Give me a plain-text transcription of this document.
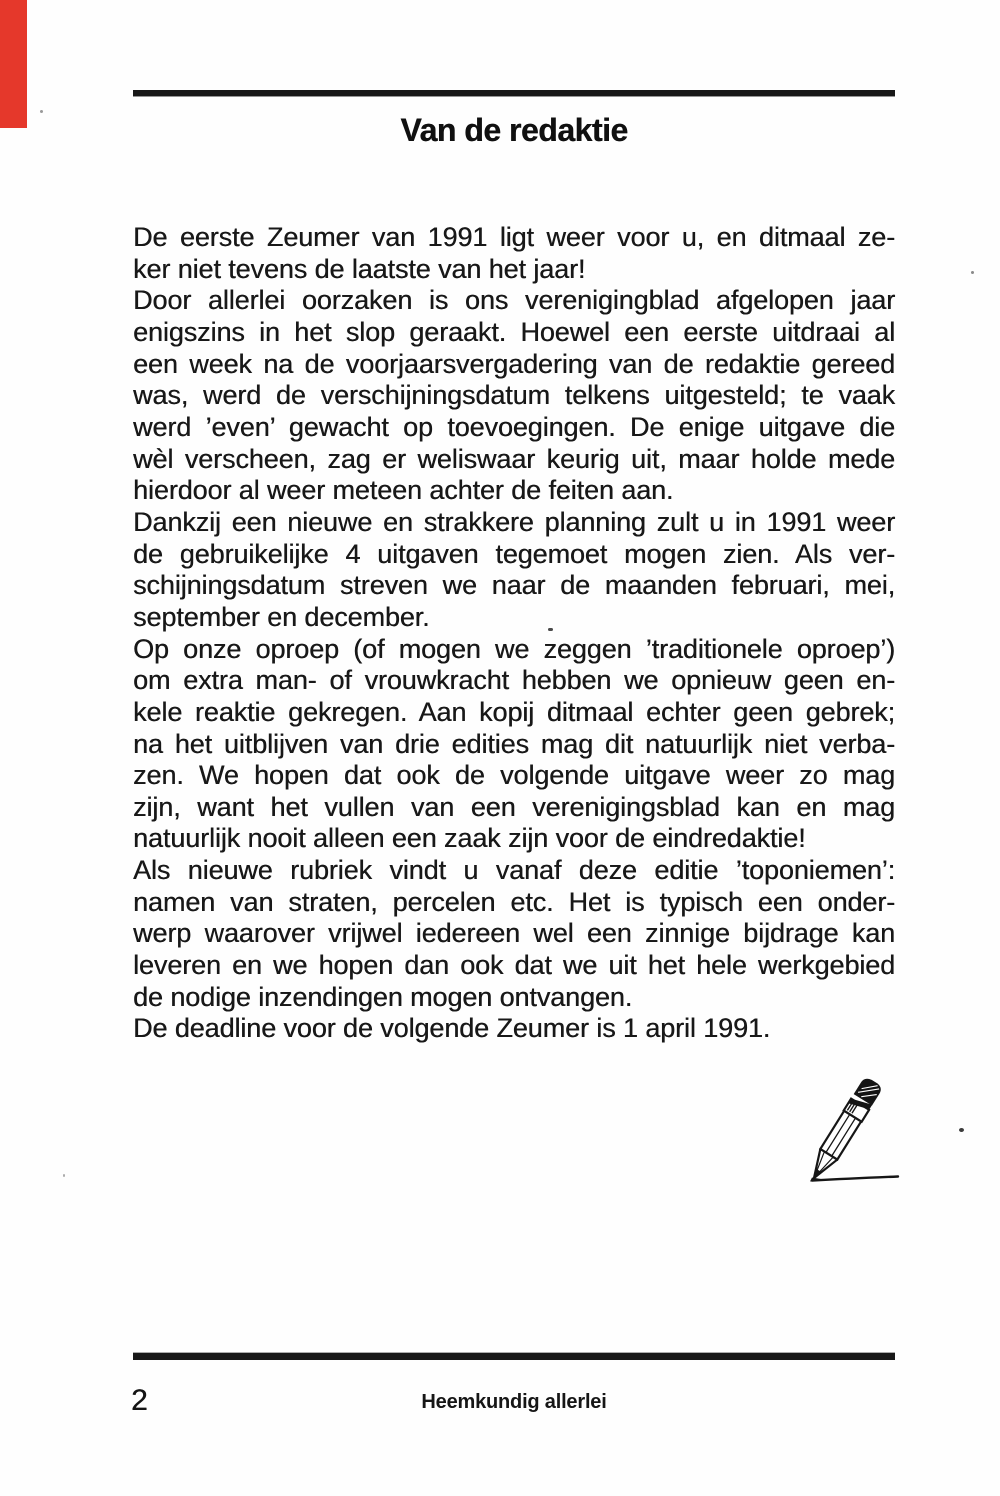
Van de redaktie
De eerste Zeumer van 1991 ligt weer voor u, en ditmaal ze-
ker niet tevens de laatste van het jaar!
Door allerlei oorzaken is ons verenigingblad afgelopen jaar
enigszins in het slop geraakt. Hoewel een eerste uitdraai al
een week na de voorjaarsvergadering van de redaktie gereed
was, werd de verschijningsdatum telkens uitgesteld; te vaak
werd ’even’ gewacht op toevoegingen. De enige uitgave die
wèl verscheen, zag er weliswaar keurig uit, maar holde mede
hierdoor al weer meteen achter de feiten aan.
Dankzij een nieuwe en strakkere planning zult u in 1991 weer
de gebruikelijke 4 uitgaven tegemoet mogen zien. Als ver-
schijningsdatum streven we naar de maanden februari, mei,
september en december.
Op onze oproep (of mogen we zeggen ’traditionele oproep’)
om extra man- of vrouwkracht hebben we opnieuw geen en-
kele reaktie gekregen. Aan kopij ditmaal echter geen gebrek;
na het uitblijven van drie edities mag dit natuurlijk niet verba-
zen. We hopen dat ook de volgende uitgave weer zo mag
zijn, want het vullen van een verenigingsblad kan en mag
natuurlijk nooit alleen een zaak zijn voor de eindredaktie!
Als nieuwe rubriek vindt u vanaf deze editie ’toponiemen’:
namen van straten, percelen etc. Het is typisch een onder-
werp waarover vrijwel iedereen wel een zinnige bijdrage kan
leveren en we hopen dan ook dat we uit het hele werkgebied
de nodige inzendingen mogen ontvangen.
De deadline voor de volgende Zeumer is 1 april 1991.
2	Heemkundig allerlei
